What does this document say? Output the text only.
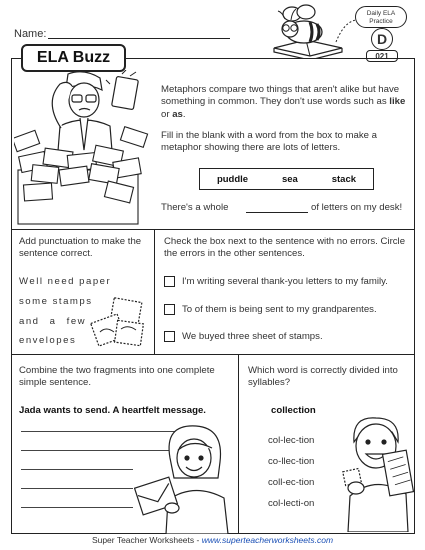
Name:
Daily ELA
Practice
D
021
ELA Buzz
Metaphors compare two things that aren't alike but have something in common. They don't use words such as like or as.
Fill in the blank with a word from the box to make a metaphor showing there are lots of letters.
puddle	sea	stack
There's a whole	of letters on my desk!
Add punctuation to make the sentence correct.
Well need paper
some stamps
and a few
envelopes
Check the box next to the sentence with no errors. Circle the errors in the other sentences.
I'm writing several thank-you letters to my family.
To of them is being sent to my grandparentes.
We buyed three sheet of stamps.
Combine the two fragments into one complete simple sentence.
Jada wants to send. A heartfelt message.
Which word is correctly divided into syllables?
collection
col-lec-tion
co-llec-tion
coll-ec-tion
col-lecti-on
Super Teacher Worksheets - www.superteacherworksheets.com
